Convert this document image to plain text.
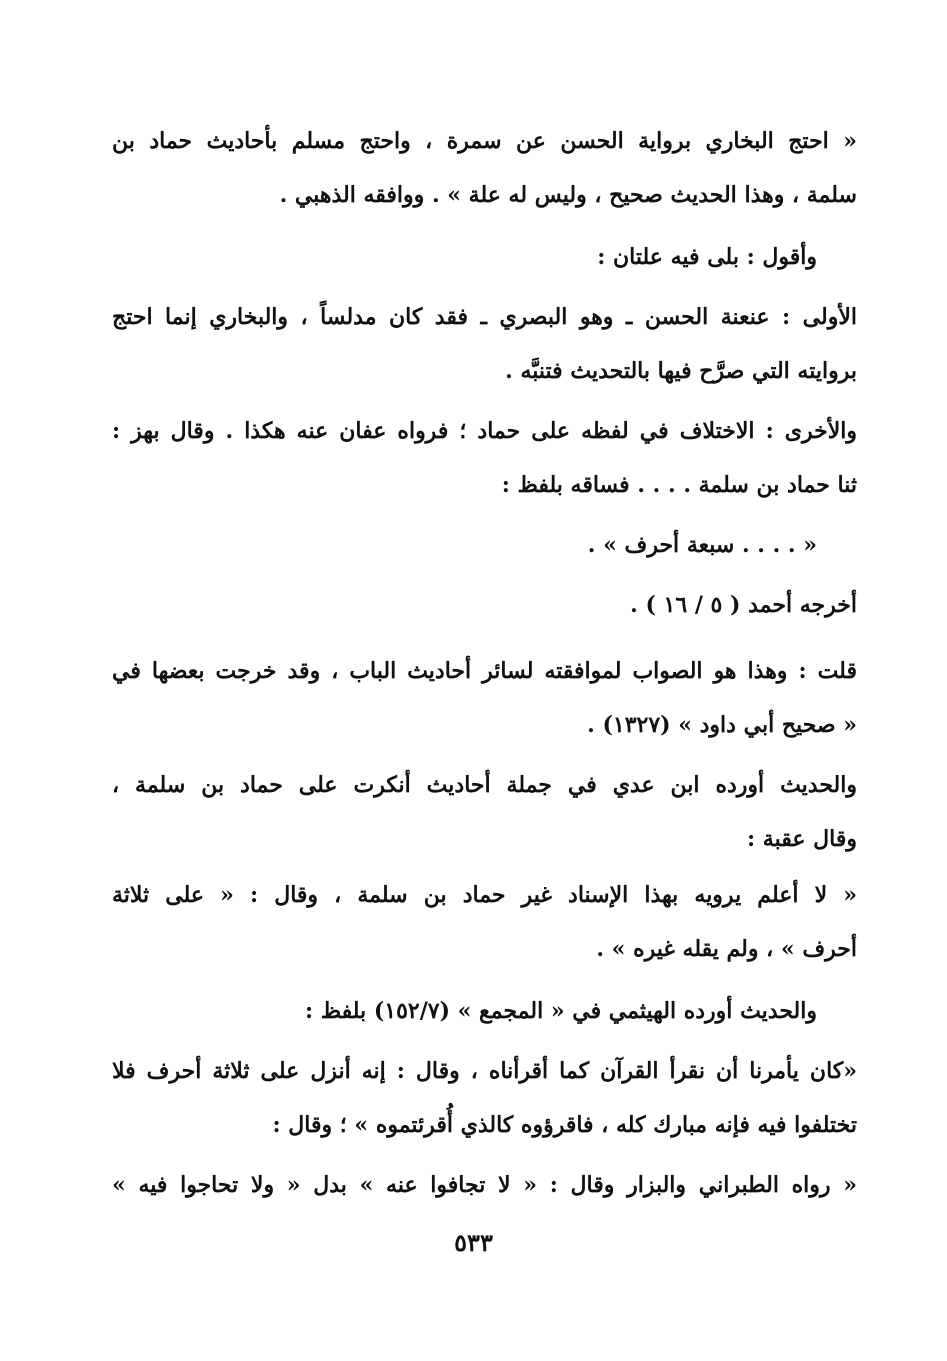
« احتج البخاري برواية الحسن عن سمرة ، واحتج مسلم بأحاديث حماد بن
سلمة ، وهذا الحديث صحيح ، وليس له علة » . ووافقه الذهبي .
وأقول : بلى فيه علتان :
الأولى : عنعنة الحسن ـ وهو البصري ـ فقد كان مدلساً ، والبخاري إنما احتج
بروايته التي صرَّح فيها بالتحديث فتنبَّه .
والأخرى : الاختلاف في لفظه على حماد ؛ فرواه عفان عنه هكذا . وقال بهز :
ثنا حماد بن سلمة . . . . فساقه بلفظ :
« . . . . سبعة أحرف » .
أخرجه أحمد ( ٥ / ١٦ ) .
قلت : وهذا هو الصواب لموافقته لسائر أحاديث الباب ، وقد خرجت بعضها في
« صحيح أبي داود » (١٣٢٧) .
والحديث أورده ابن عدي في جملة أحاديث أنكرت على حماد بن سلمة ،
وقال عقبة :
« لا أعلم يرويه بهذا الإسناد غير حماد بن سلمة ، وقال : « على ثلاثة
أحرف » ، ولم يقله غيره » .
والحديث أورده الهيثمي في « المجمع » (١٥٢/٧) بلفظ :
«كان يأمرنا أن نقرأ القرآن كما أقرأناه ، وقال : إنه أنزل على ثلاثة أحرف فلا
تختلفوا فيه فإنه مبارك كله ، فاقرؤوه كالذي أُقرئتموه » ؛ وقال :
« رواه الطبراني والبزار وقال : « لا تجافوا عنه » بدل « ولا تحاجوا فيه »
٥٣٣
